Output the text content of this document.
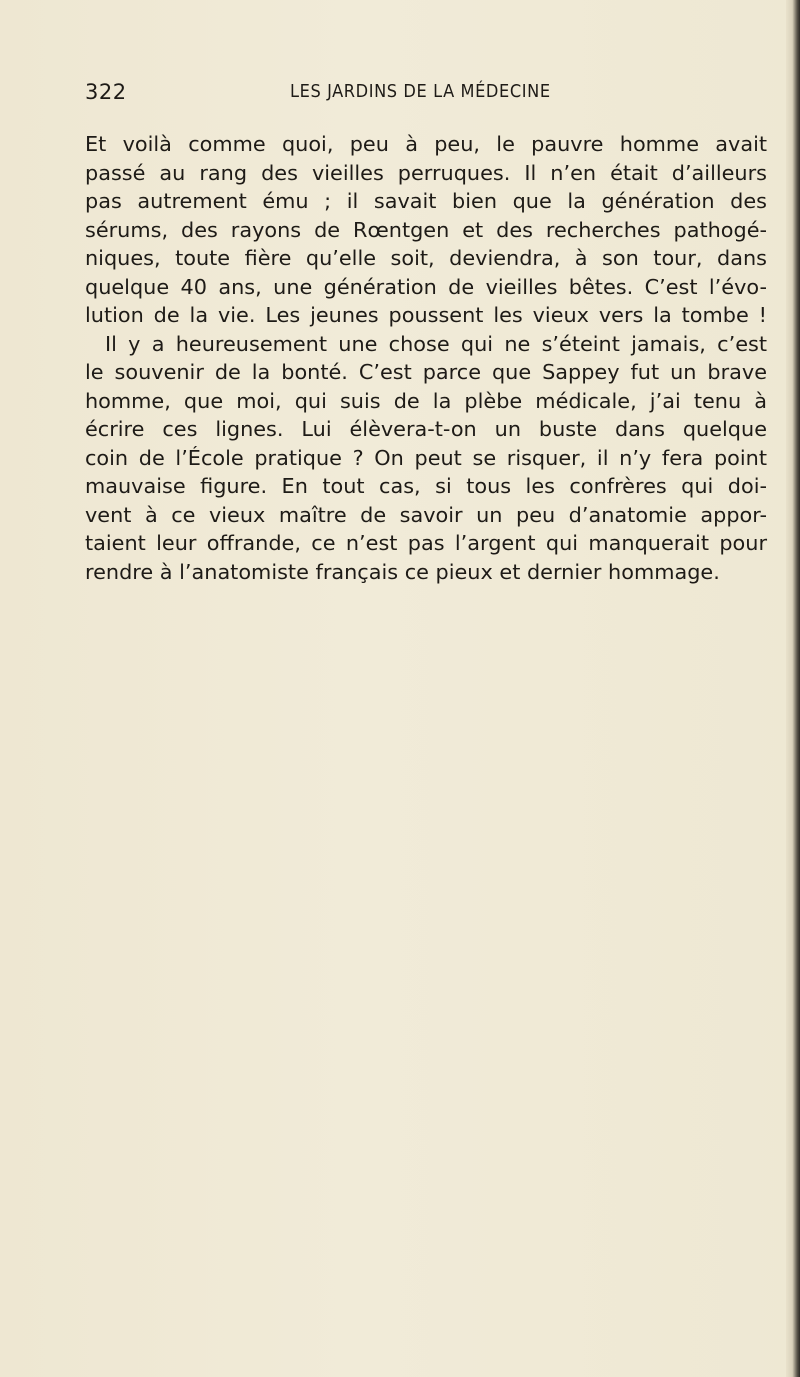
322	LES JARDINS DE LA MÉDECINE
Et voilà comme quoi, peu à peu, le pauvre homme avait
passé au rang des vieilles perruques. Il n’en était d’ailleurs
pas autrement ému ; il savait bien que la génération des
sérums, des rayons de Rœntgen et des recherches pathogé-
niques, toute fière qu’elle soit, deviendra, à son tour, dans
quelque 40 ans, une génération de vieilles bêtes. C’est l’évo-
lution de la vie. Les jeunes poussent les vieux vers la tombe !
Il y a heureusement une chose qui ne s’éteint jamais, c’est
le souvenir de la bonté. C’est parce que Sappey fut un brave
homme, que moi, qui suis de la plèbe médicale, j’ai tenu à
écrire ces lignes. Lui élèvera-t-on un buste dans quelque
coin de l’École pratique ? On peut se risquer, il n’y fera point
mauvaise figure. En tout cas, si tous les confrères qui doi-
vent à ce vieux maître de savoir un peu d’anatomie appor-
taient leur offrande, ce n’est pas l’argent qui manquerait pour
rendre à l’anatomiste français ce pieux et dernier hommage.
